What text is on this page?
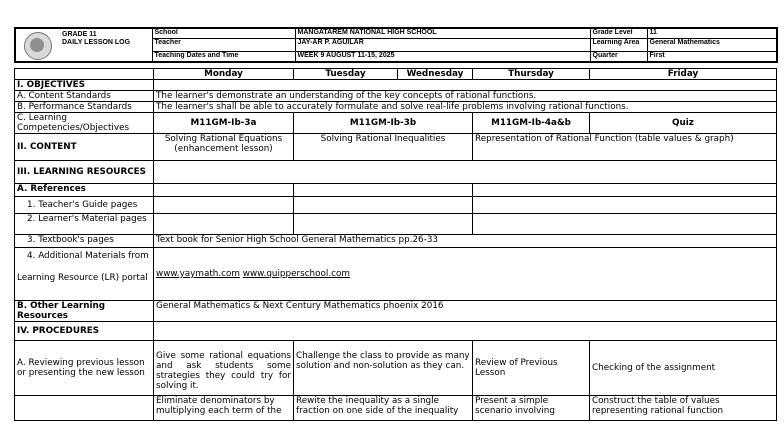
GRADE 11
DAILY LESSON LOG
	School	MANGATAREM NATIONAL HIGH SCHOOL	Grade Level	11
	Teacher	JAY-AR P. AGUILAR	Learning Area	General Mathematics
	Teaching Dates and Time	WEEK 9 AUGUST 11-15, 2025	Quarter	First
	Monday	Tuesday	Wednesday	Thursday	Friday
I. OBJECTIVES					
A. Content Standards	The learner's demonstrate an understanding of the key concepts of rational functions.				
B. Performance Standards	The learner's shall be able to accurately formulate and solve real-life problems involving rational functions.				
C. Learning Competencies/Objectives	M11GM-Ib-3a	M11GM-Ib-3b		M11GM-Ib-4a&b	Quiz
II. CONTENT	Solving Rational Equations (enhancement lesson)	Solving Rational Inequalities		Representation of Rational Function (table values & graph)	
III. LEARNING RESOURCES					
A. References					
1. Teacher's Guide pages					
2. Learner's Material pages					
3. Textbook's pages	Text book for Senior High School General Mathematics pp.26-33				

4. Additional Materials from
Learning Resource (LR) portal	www.yaymath.com www.quipperschool.com				
B. Other Learning Resources	General Mathematics & Next Century Mathematics phoenix 2016				
IV. PROCEDURES					
A. Reviewing previous lesson or presenting the new lesson	Give some rational equations and ask students some strategies they could try for solving it.	Challenge the class to provide as many solution and non-solution as they can.		Review of Previous Lesson	Checking of the assignment
	Eliminate denominators by multiplying each term of the	Rewite the inequality as a single fraction on one side of the inequality		Present a simple scenario involving	Construct the table of values representing rational function
